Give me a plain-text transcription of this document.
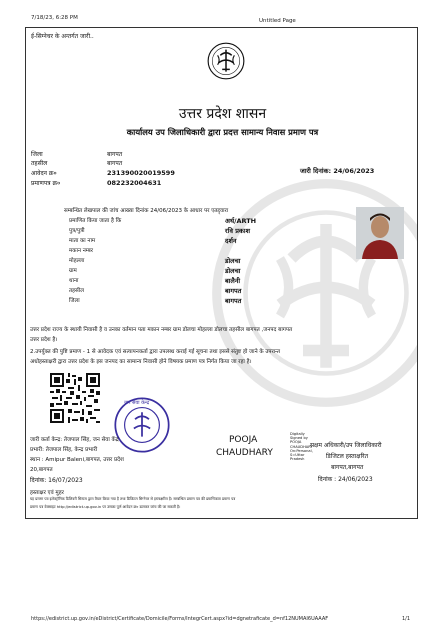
7/18/23, 6:28 PM	Untitled Page
ई-सिग्नेचर के अन्तर्गत जारी..
उत्तर प्रदेश शासन
कार्यालय उप जिलाधिकारी द्वारा प्रदत्त सामान्य निवास प्रमाण पत्र
जिला	बागपत
तहसील	बागपत
आवेदन क्र०	231390020019599
प्रमाणपत्र क्र०	082232004631
जारी दिनांक: 24/06/2023
सम्बन्धित लेखपाल की जांच आख्या दिनांक 24/06/2023 के आधार पर एतद्द्वारा
प्रमाणित किया जाता है कि	अर्थ/ARTH
पुत्र/पुत्री	रवि प्रकाश
माता का नाम	दर्शन
मकान नम्बर
मोहल्ला	डोलचा
ग्राम	डोलचा
थाना	बालैनी
तहसील	बागपत
जिला	बागपत
उत्तर प्रदेश राज्य के स्थायी निवासी है व उनका वर्तमान पता मकान नम्बर ग्राम डोलचा मोहल्ला डोलचा तहसील बागपत ,जनपद बागपत
उत्तर प्रदेश है।
2.उपर्युक्त की पुष्टि प्रमाण - 1 से आवेदक एवं सत्यापनकर्ता द्वारा उपलब्ध कराई गई सूचना तथा इससे संतुष्ट हो जाने के उपरान्त
अधोहस्ताक्षरी द्वारा उत्तर प्रदेश के इस जनपद का सामान्य निवासी होने विषयक प्रमाण पत्र निर्गत किया जा रहा है।
जन सेवा केन्द्र
जारी कर्ता केन्द्र: तेजपाल सिंह, जन सेवा केंद्र
प्रभारी: तेजपाल सिंह, केन्द्र प्रभारी
स्थान : Amipur Baleni,बागपत, उत्तर प्रदेश
20,बागपत
दिनांक: 16/07/2023
हस्ताक्षर एवं मुहर
POOJA
CHAUDHARY
Digitally
Signed by
POOJA
CHAUDHARY
On:Personal,
S=Uttar
Pradesh
सक्षम अधिकारी/उप जिलाधिकारी
डिजिटल हस्ताक्षरित
बागपत,बागपत
दिनांक : 24/06/2023
यह प्रमाण पत्र इलेक्ट्रॉनिक डिलिवरी सिस्टम द्वारा तैयार किया गया है तथा डिजिटल सिग्नेचर से हस्ताक्षरित है। सम्बन्धित प्रमाण पत्र की प्रमाणिकता प्रमाण पत्र
प्रमाण पत्र वेबसाइट http://edistrict.up.gov.in पर उसका पूर्ण आवेदन क्र० डालकर जांच की जा सकती है।
https://edistrict.up.gov.in/eDistrict/Certificate/Domicile/Forms/IntegrCert.aspx?id=dgnetraficate_d=nf12NUMAI6UAAAF	1/1
